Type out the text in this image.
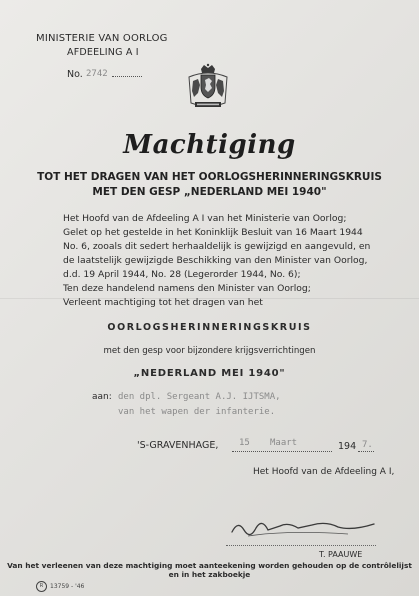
MINISTERIE VAN OORLOG
AFDEELING A I
No. 2742
Machtiging
TOT HET DRAGEN VAN HET OORLOGSHERINNERINGSKRUIS
MET DEN GESP „NEDERLAND MEI 1940"
Het Hoofd van de Afdeeling A I van het Ministerie van Oorlog;
Gelet op het gestelde in het Koninklijk Besluit van 16 Maart 1944
No. 6, zooals dit sedert herhaaldelijk is gewijzigd en aangevuld, en
de laatstelijk gewijzigde Beschikking van den Minister van Oorlog,
d.d. 19 April 1944, No. 28 (Legerorder 1944, No. 6);
Ten deze handelend namens den Minister van Oorlog;
Verleent machtiging tot het dragen van het
OORLOGSHERINNERINGSKRUIS
met den gesp voor bijzondere krijgsverrichtingen
„NEDERLAND MEI 1940"
aan: den dpl. Sergeant A.J. IJTSMA,
van het wapen der infanterie.
'S-GRAVENHAGE, 15 Maart	194 7.
Het Hoofd van de Afdeeling A I,
T. PAAUWE
Van het verleenen van deze machtiging moet aanteekening worden gehouden op de contrôlelijst
en in het zakboekje
R	13759 - '46
